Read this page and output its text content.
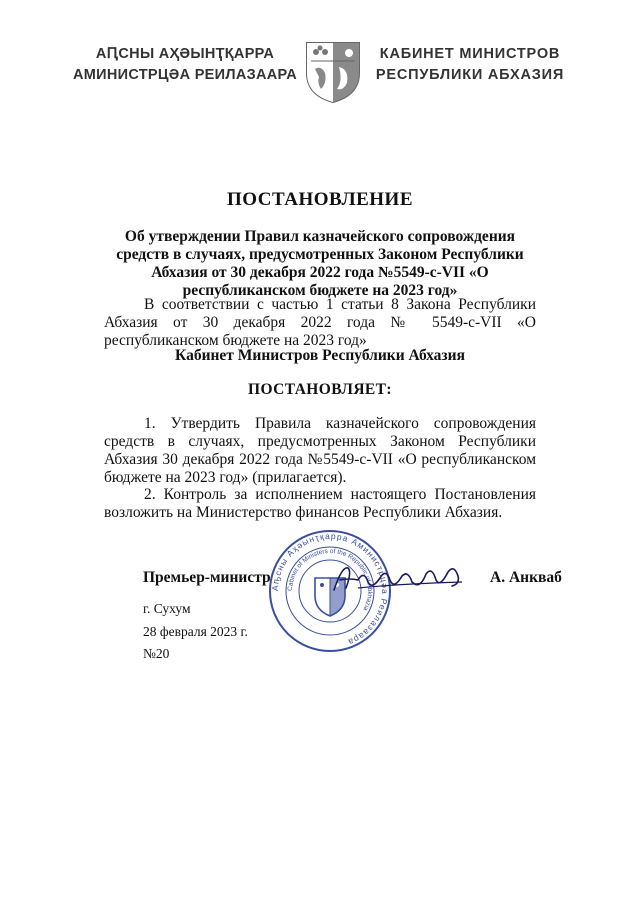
АԤСНЫ АҲӘЫНҬҚАРРА
АМИНИСТРЦӘА РЕИЛАЗААРА
КАБИНЕТ МИНИСТРОВ
РЕСПУБЛИКИ АБХАЗИЯ
ПОСТАНОВЛЕНИЕ
Об утверждении Правил казначейского сопровождения средств в случаях, предусмотренных Законом Республики Абхазия от 30 декабря 2022 года №5549-с-VII «О республиканском бюджете на 2023 год»
В соответствии с частью 1 статьи 8 Закона Республики Абхазия от 30 декабря 2022 года № 5549-с-VII «О республиканском бюджете на 2023 год»
Кабинет Министров Республики Абхазия
ПОСТАНОВЛЯЕТ:
1. Утвердить Правила казначейского сопровождения средств в случаях, предусмотренных Законом Республики Абхазия 30 декабря 2022 года №5549-с-VII «О республиканском бюджете на 2023 год» (прилагается).
2. Контроль за исполнением настоящего Постановления возложить на Министерство финансов Республики Абхазия.
Аҧсны Аҳәынҭқарра Аминистрцәа Реилазаара
Cabinet of Ministers of the Republic of Abkhazia
Премьер-министр	А. Анкваб
г. Сухум
28 февраля 2023 г.
№20
